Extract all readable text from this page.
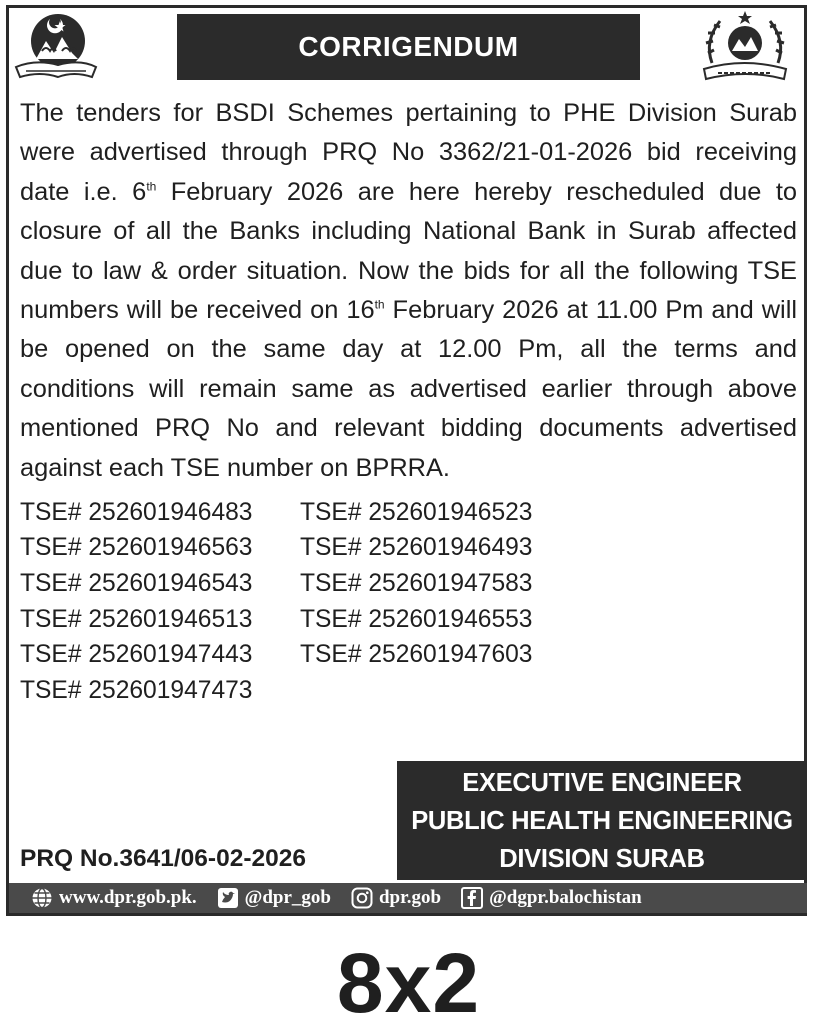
CORRIGENDUM
The tenders for BSDI Schemes pertaining to PHE Division Surab were advertised through PRQ No 3362/21-01-2026 bid receiving date i.e. 6th February 2026 are here hereby rescheduled due to closure of all the Banks including National Bank in Surab affected due to law & order situation. Now the bids for all the following TSE numbers will be received on 16th February 2026 at 11.00 Pm and will be opened on the same day at 12.00 Pm, all the terms and conditions will remain same as advertised earlier through above mentioned PRQ No and relevant bidding documents advertised against each TSE number on BPRRA.
TSE# 252601946483	TSE# 252601946523
TSE# 252601946563	TSE# 252601946493
TSE# 252601946543	TSE# 252601947583
TSE# 252601946513	TSE# 252601946553
TSE# 252601947443	TSE# 252601947603
TSE# 252601947473
EXECUTIVE ENGINEER
PUBLIC HEALTH ENGINEERING
DIVISION SURAB
PRQ No.3641/06-02-2026
www.dpr.gob.pk.	@dpr_gob	dpr.gob	@dgpr.balochistan
8x2
